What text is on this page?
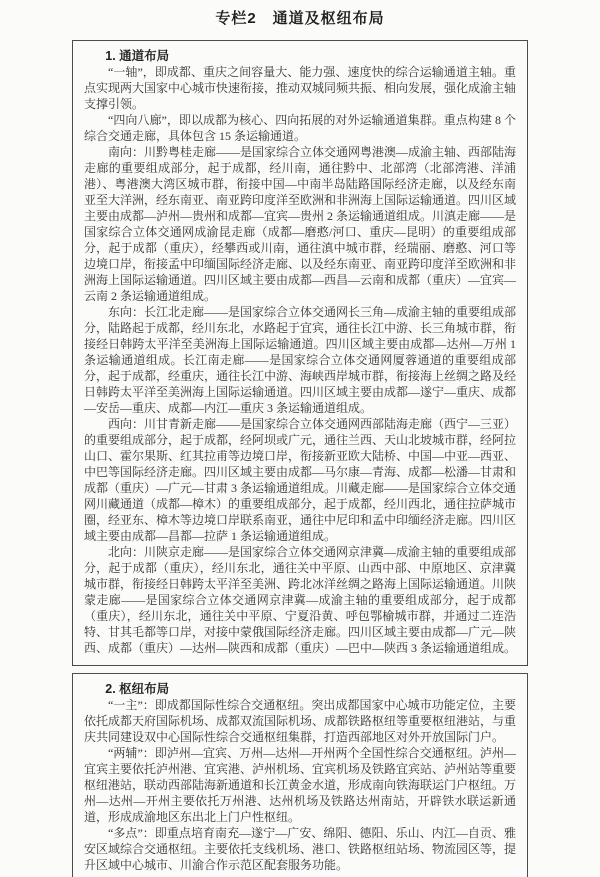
专栏2　通道及枢纽布局
1. 通道布局

“一轴”，即成都、重庆之间容量大、能力强、速度快的综合运输通道主轴。重点实现两大国家中心城市快速衔接，推动双城同频共振、相向发展，强化成渝主轴支撑引领。

“四向八廊”，即以成都为核心、四向拓展的对外运输通道集群。重点构建 8 个综合交通走廊，具体包含 15 条运输通道。

南向：川黔粤桂走廊——是国家综合立体交通网粤港澳—成渝主轴、西部陆海走廊的重要组成部分，起于成都，经川南，通往黔中、北部湾（北部湾港、洋浦港）、粤港澳大湾区城市群，衔接中国—中南半岛陆路国际经济走廊，以及经东南亚至大洋洲，经东南亚、南亚跨印度洋至欧洲和非洲海上国际运输通道。四川区域主要由成都—泸州—贵州和成都—宜宾—贵州 2 条运输通道组成。川滇走廊——是国家综合立体交通网成渝昆走廊（成都—磨憨/河口、重庆—昆明）的重要组成部分，起于成都（重庆），经攀西或川南，通往滇中城市群，经瑞丽、磨憨、河口等边境口岸，衔接孟中印缅国际经济走廊、以及经东南亚、南亚跨印度洋至欧洲和非洲海上国际运输通道。四川区域主要由成都—西昌—云南和成都（重庆）—宜宾—云南 2 条运输通道组成。

东向：长江北走廊——是国家综合立体交通网长三角—成渝主轴的重要组成部分，陆路起于成都，经川东北，水路起于宜宾，通往长江中游、长三角城市群，衔接经日韩跨太平洋至美洲海上国际运输通道。四川区域主要由成都—达州—万州 1 条运输通道组成。长江南走廊——是国家综合立体交通网厦蓉通道的重要组成部分，起于成都，经重庆，通往长江中游、海峡西岸城市群，衔接海上丝绸之路及经日韩跨太平洋至美洲海上国际运输通道。四川区域主要由成都—遂宁—重庆、成都—安岳—重庆、成都—内江—重庆 3 条运输通道组成。

西向：川甘青新走廊——是国家综合立体交通网西部陆海走廊（西宁—三亚）的重要组成部分，起于成都，经阿坝或广元，通往兰西、天山北坡城市群，经阿拉山口、霍尔果斯、红其拉甫等边境口岸，衔接新亚欧大陆桥、中国—中亚—西亚、中巴等国际经济走廊。四川区域主要由成都—马尔康—青海、成都—松潘—甘肃和成都（重庆）—广元—甘肃 3 条运输通道组成。川藏走廊——是国家综合立体交通网川藏通道（成都—樟木）的重要组成部分，起于成都，经川西北，通往拉萨城市圈，经亚东、樟木等边境口岸联系南亚，通往中尼印和孟中印缅经济走廊。四川区域主要由成都—昌都—拉萨 1 条运输通道组成。

北向：川陕京走廊——是国家综合立体交通网京津冀—成渝主轴的重要组成部分，起于成都（重庆），经川东北，通往关中平原、山西中部、中原地区、京津冀城市群，衔接经日韩跨太平洋至美洲、跨北冰洋丝绸之路海上国际运输通道。川陕蒙走廊——是国家综合立体交通网京津冀—成渝主轴的重要组成部分，起于成都（重庆），经川东北，通往关中平原、宁夏沿黄、呼包鄂榆城市群，并通过二连浩特、甘其毛都等口岸，对接中蒙俄国际经济走廊。四川区域主要由成都—广元—陕西、成都（重庆）—达州—陕西和成都（重庆）—巴中—陕西 3 条运输通道组成。

2. 枢纽布局

“一主”：即成都国际性综合交通枢纽。突出成都国家中心城市功能定位，主要依托成都天府国际机场、成都双流国际机场、成都铁路枢纽等重要枢纽港站，与重庆共同建设双中心国际性综合交通枢纽集群，打造西部地区对外开放国际门户。

“两辅”：即泸州—宜宾、万州—达州—开州两个全国性综合交通枢纽。泸州—宜宾主要依托泸州港、宜宾港、泸州机场、宜宾机场及铁路宜宾站、泸州站等重要枢纽港站，联动西部陆海新通道和长江黄金水道，形成南向铁海联运门户枢纽。万州—达州—开州主要依托万州港、达州机场及铁路达州南站，开辟铁水联运新通道，形成成渝地区东出北上门户性枢纽。

“多点”：即重点培育南充—遂宁—广安、绵阳、德阳、乐山、内江—自贡、雅安区域综合交通枢纽。主要依托支线机场、港口、铁路枢纽站场、物流园区等，提升区域中心城市、川渝合作示范区配套服务功能。
